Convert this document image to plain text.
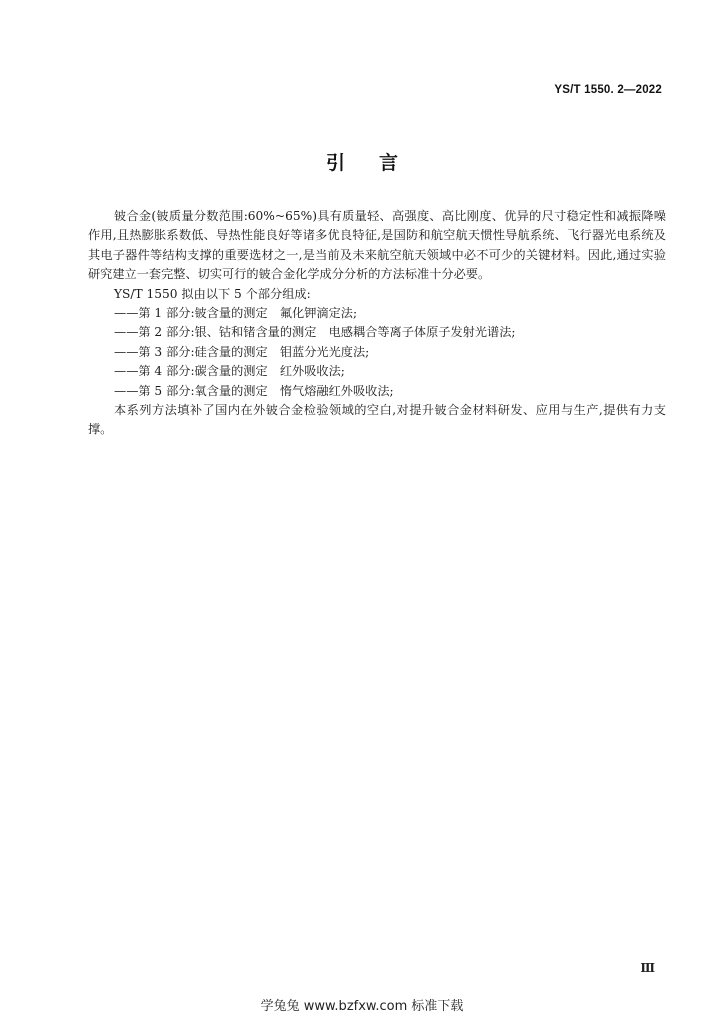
YS/T 1550. 2—2022
引言

铍合金(铍质量分数范围:60%~65%)具有质量轻、高强度、高比刚度、优异的尺寸稳定性和减振降噪作用,且热膨胀系数低、导热性能良好等诸多优良特征,是国防和航空航天惯性导航系统、飞行器光电系统及其电子器件等结构支撑的重要选材之一,是当前及未来航空航天领域中必不可少的关键材料。因此,通过实验研究建立一套完整、切实可行的铍合金化学成分分析的方法标准十分必要。

YS/T 1550 拟由以下 5 个部分组成:

——第 1 部分:铍含量的测定　氟化钾滴定法;

——第 2 部分:银、钴和锗含量的测定　电感耦合等离子体原子发射光谱法;

——第 3 部分:硅含量的测定　钼蓝分光光度法;

——第 4 部分:碳含量的测定　红外吸收法;

——第 5 部分:氧含量的测定　惰气熔融红外吸收法;

本系列方法填补了国内在外铍合金检验领域的空白,对提升铍合金材料研发、应用与生产,提供有力支撑。

Ⅲ
学兔兔 www.bzfxw.com 标准下载
